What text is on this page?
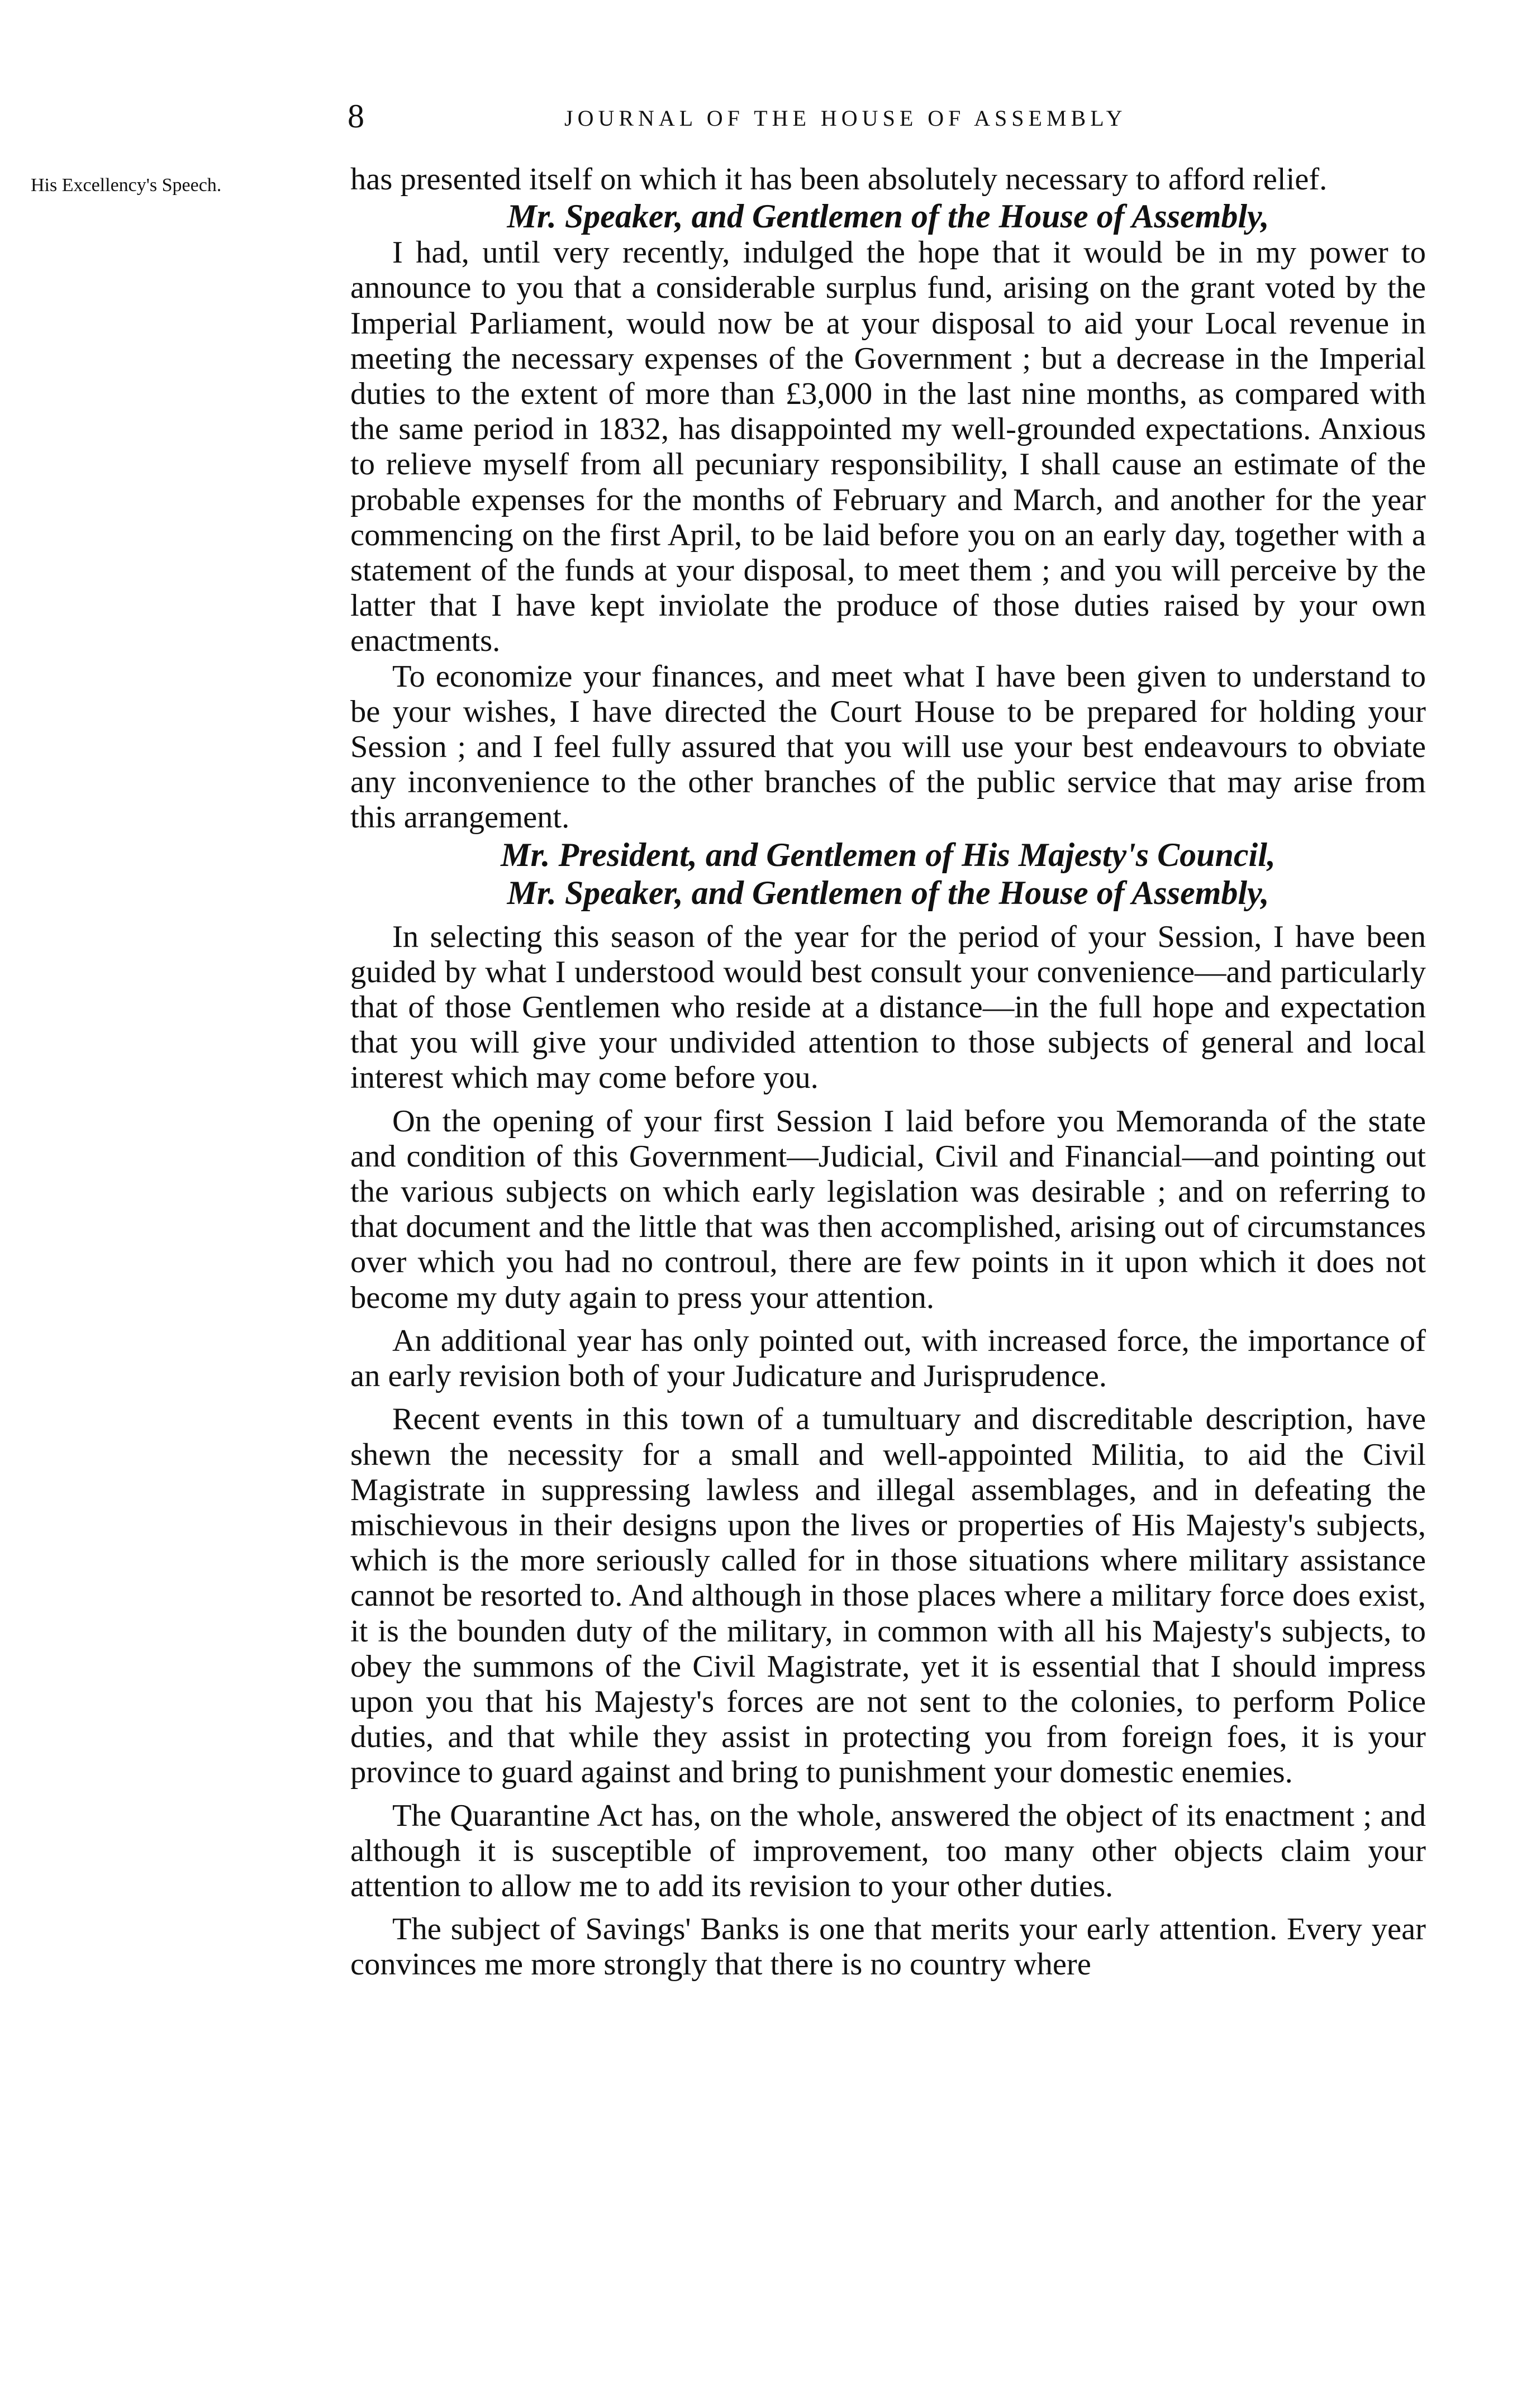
8	JOURNAL OF THE HOUSE OF ASSEMBLY
His Excellency's Speech.	has presented itself on which it has been absolutely necessary to afford relief.

Mr. Speaker, and Gentlemen of the House of Assembly,

I had, until very recently, indulged the hope that it would be in my power to announce to you that a considerable surplus fund, arising on the grant voted by the Imperial Parliament, would now be at your disposal to aid your Local revenue in meeting the necessary expenses of the Government ; but a decrease in the Imperial duties to the extent of more than £3,000 in the last nine months, as compared with the same period in 1832, has disappointed my well-grounded expectations. Anxious to relieve myself from all pecuniary responsibility, I shall cause an estimate of the probable expenses for the months of February and March, and another for the year commencing on the first April, to be laid before you on an early day, together with a statement of the funds at your disposal, to meet them ; and you will perceive by the latter that I have kept inviolate the produce of those duties raised by your own enactments.

To economize your finances, and meet what I have been given to understand to be your wishes, I have directed the Court House to be prepared for holding your Session ; and I feel fully assured that you will use your best endeavours to obviate any inconvenience to the other branches of the public service that may arise from this arrangement.

Mr. President, and Gentlemen of His Majesty's Council,

Mr. Speaker, and Gentlemen of the House of Assembly,

In selecting this season of the year for the period of your Session, I have been guided by what I understood would best consult your convenience—and particularly that of those Gentlemen who reside at a distance—in the full hope and expectation that you will give your undivided attention to those subjects of general and local interest which may come before you.

On the opening of your first Session I laid before you Memoranda of the state and condition of this Government—Judicial, Civil and Financial—and pointing out the various subjects on which early legislation was desirable ; and on referring to that document and the little that was then accomplished, arising out of circumstances over which you had no controul, there are few points in it upon which it does not become my duty again to press your attention.

An additional year has only pointed out, with increased force, the importance of an early revision both of your Judicature and Jurisprudence.

Recent events in this town of a tumultuary and discreditable description, have shewn the necessity for a small and well-appointed Militia, to aid the Civil Magistrate in suppressing lawless and illegal assemblages, and in defeating the mischievous in their designs upon the lives or properties of His Majesty's subjects, which is the more seriously called for in those situations where military assistance cannot be resorted to. And although in those places where a military force does exist, it is the bounden duty of the military, in common with all his Majesty's subjects, to obey the summons of the Civil Magistrate, yet it is essential that I should impress upon you that his Majesty's forces are not sent to the colonies, to perform Police duties, and that while they assist in protecting you from foreign foes, it is your province to guard against and bring to punishment your domestic enemies.

The Quarantine Act has, on the whole, answered the object of its enactment ; and although it is susceptible of improvement, too many other objects claim your attention to allow me to add its revision to your other duties.

The subject of Savings' Banks is one that merits your early attention. Every year convinces me more strongly that there is no country where
